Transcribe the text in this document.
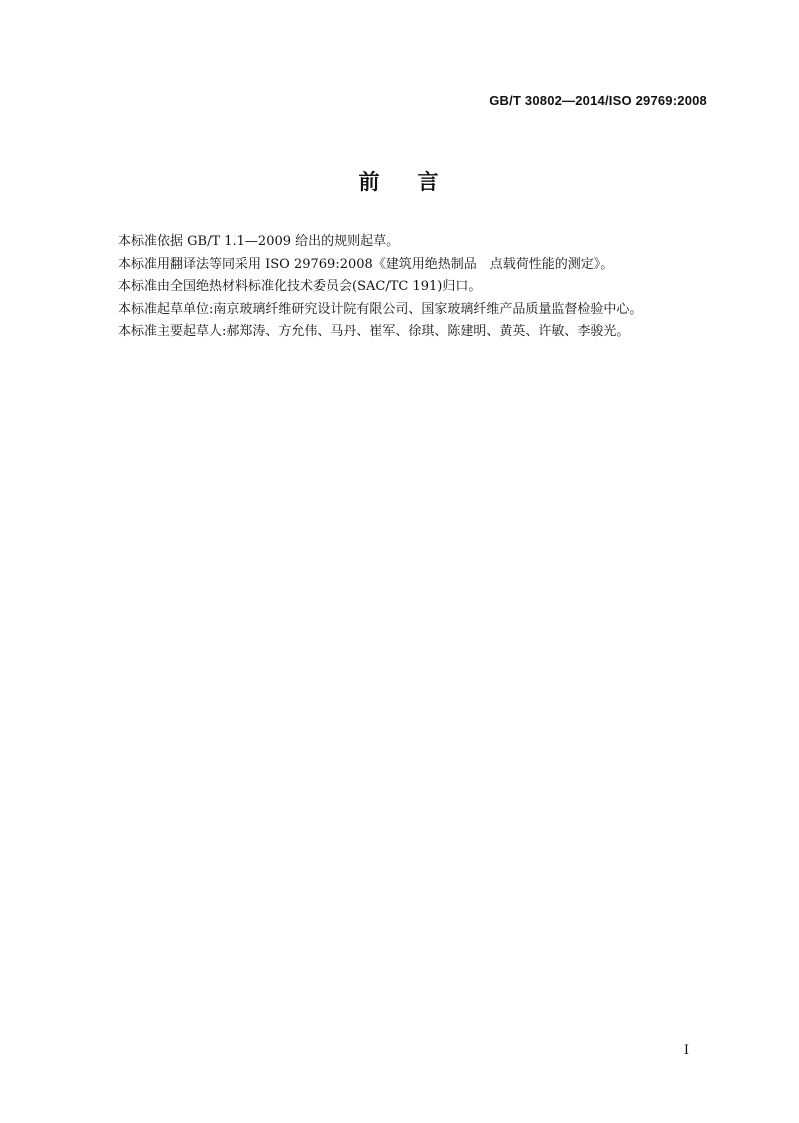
GB/T 30802—2014/ISO 29769:2008
前 言

本标准依据 GB/T 1.1—2009 给出的规则起草。

本标准用翻译法等同采用 ISO 29769:2008《建筑用绝热制品　点载荷性能的测定》。

本标准由全国绝热材料标准化技术委员会(SAC/TC 191)归口。

本标准起草单位:南京玻璃纤维研究设计院有限公司、国家玻璃纤维产品质量监督检验中心。

本标准主要起草人:郝郑涛、方允伟、马丹、崔军、徐琪、陈建明、黄英、许敏、李骏光。

I
